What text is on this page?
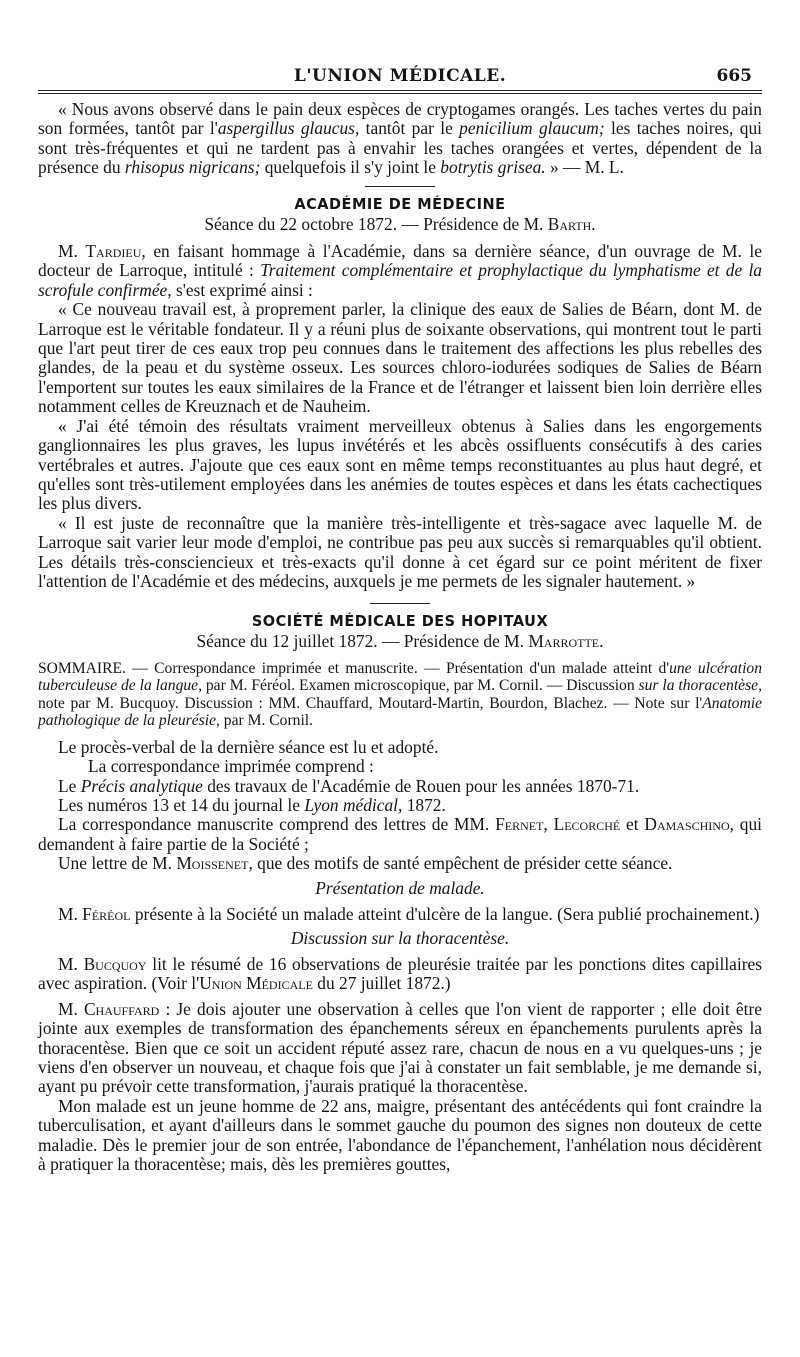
L'UNION MÉDICALE.	665

« Nous avons observé dans le pain deux espèces de cryptogames orangés. Les taches vertes du pain son formées, tantôt par l'aspergillus glaucus, tantôt par le penicilium glaucum; les taches noires, qui sont très-fréquentes et qui ne tardent pas à envahir les taches orangées et vertes, dépendent de la présence du rhisopus nigricans; quelquefois il s'y joint le botrytis grisea. » — M. L.

ACADÉMIE DE MÉDECINE
Séance du 22 octobre 1872. — Présidence de M. Barth.

M. Tardieu, en faisant hommage à l'Académie, dans sa dernière séance, d'un ouvrage de M. le docteur de Larroque, intitulé : Traitement complémentaire et prophylactique du lymphatisme et de la scrofule confirmée, s'est exprimé ainsi :

« Ce nouveau travail est, à proprement parler, la clinique des eaux de Salies de Béarn, dont M. de Larroque est le véritable fondateur. Il y a réuni plus de soixante observations, qui montrent tout le parti que l'art peut tirer de ces eaux trop peu connues dans le traitement des affections les plus rebelles des glandes, de la peau et du système osseux. Les sources chloro-iodurées sodiques de Salies de Béarn l'emportent sur toutes les eaux similaires de la France et de l'étranger et laissent bien loin derrière elles notamment celles de Kreuznach et de Nauheim.

« J'ai été témoin des résultats vraiment merveilleux obtenus à Salies dans les engorgements ganglionnaires les plus graves, les lupus invétérés et les abcès ossifluents consécutifs à des caries vertébrales et autres. J'ajoute que ces eaux sont en même temps reconstituantes au plus haut degré, et qu'elles sont très-utilement employées dans les anémies de toutes espèces et dans les états cachectiques les plus divers.

« Il est juste de reconnaître que la manière très-intelligente et très-sagace avec laquelle M. de Larroque sait varier leur mode d'emploi, ne contribue pas peu aux succès si remarquables qu'il obtient. Les détails très-consciencieux et très-exacts qu'il donne à cet égard sur ce point méritent de fixer l'attention de l'Académie et des médecins, auxquels je me permets de les signaler hautement. »

SOCIÉTÉ MÉDICALE DES HOPITAUX
Séance du 12 juillet 1872. — Présidence de M. Marrotte.
SOMMAIRE. — Correspondance imprimée et manuscrite. — Présentation d'un malade atteint d'une ulcération tuberculeuse de la langue, par M. Féréol. Examen microscopique, par M. Cornil. — Discussion sur la thoracentèse, note par M. Bucquoy. Discussion : MM. Chauffard, Moutard-Martin, Bourdon, Blachez. — Note sur l'Anatomie pathologique de la pleurésie, par M. Cornil.

Le procès-verbal de la dernière séance est lu et adopté.

La correspondance imprimée comprend :

Le Précis analytique des travaux de l'Académie de Rouen pour les années 1870-71.

Les numéros 13 et 14 du journal le Lyon médical, 1872.

La correspondance manuscrite comprend des lettres de MM. Fernet, Lecorché et Damaschino, qui demandent à faire partie de la Société ;

Une lettre de M. Moissenet, que des motifs de santé empêchent de présider cette séance.

Présentation de malade.

M. Féréol présente à la Société un malade atteint d'ulcère de la langue. (Sera publié prochainement.)

Discussion sur la thoracentèse.

M. Bucquoy lit le résumé de 16 observations de pleurésie traitée par les ponctions dites capillaires avec aspiration. (Voir l'Union Médicale du 27 juillet 1872.)

M. Chauffard : Je dois ajouter une observation à celles que l'on vient de rapporter ; elle doit être jointe aux exemples de transformation des épanchements séreux en épanchements purulents après la thoracentèse. Bien que ce soit un accident réputé assez rare, chacun de nous en a vu quelques-uns ; je viens d'en observer un nouveau, et chaque fois que j'ai à constater un fait semblable, je me demande si, ayant pu prévoir cette transformation, j'aurais pratiqué la thoracentèse.

Mon malade est un jeune homme de 22 ans, maigre, présentant des antécédents qui font craindre la tuberculisation, et ayant d'ailleurs dans le sommet gauche du poumon des signes non douteux de cette maladie. Dès le premier jour de son entrée, l'abondance de l'épanchement, l'anhélation nous décidèrent à pratiquer la thoracentèse; mais, dès les premières gouttes,
